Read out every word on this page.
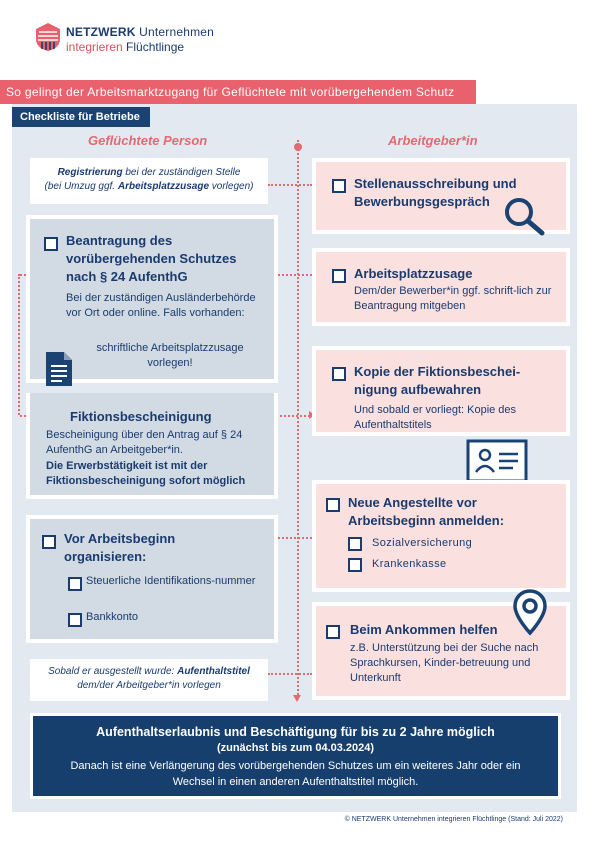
NETZWERK Unternehmen
integrieren Flüchtlinge
So gelingt der Arbeitsmarktzugang für Geflüchtete mit vorübergehendem Schutz
Checkliste für Betriebe
Geflüchtete Person	Arbeitgeber*in
Registrierung bei der zuständigen Stelle
(bei Umzug ggf. Arbeitsplatzzusage vorlegen)
Beantragung des vorübergehenden Schutzes nach § 24 AufenthG
Bei der zuständigen Ausländerbehörde vor Ort oder online. Falls vorhanden:
schriftliche Arbeitsplatzzusage vorlegen!
Fiktionsbescheinigung
Bescheinigung über den Antrag auf § 24 AufenthG an Arbeitgeber*in.
Die Erwerbstätigkeit ist mit der Fiktionsbescheinigung sofort möglich
Vor Arbeitsbeginn organisieren:
Steuerliche Identifikations-nummer
Bankkonto
Sobald er ausgestellt wurde: Aufenthaltstitel
dem/der Arbeitgeber*in vorlegen
Stellenausschreibung und Bewerbungsgespräch
Arbeitsplatzzusage
Dem/der Bewerber*in ggf. schrift-lich zur Beantragung mitgeben
Kopie der Fiktionsbeschei-nigung aufbewahren
Und sobald er vorliegt: Kopie des Aufenthaltstitels
Neue Angestellte vor Arbeitsbeginn anmelden:
Sozialversicherung
Krankenkasse
Beim Ankommen helfen
z.B. Unterstützung bei der Suche nach Sprachkursen, Kinder-betreuung und Unterkunft
Aufenthaltserlaubnis und Beschäftigung für bis zu 2 Jahre möglich
(zunächst bis zum 04.03.2024)
Danach ist eine Verlängerung des vorübergehenden Schutzes um ein weiteres Jahr oder ein Wechsel in einen anderen Aufenthaltstitel möglich.
© NETZWERK Unternehmen integrieren Flüchtlinge (Stand: Juli 2022)
